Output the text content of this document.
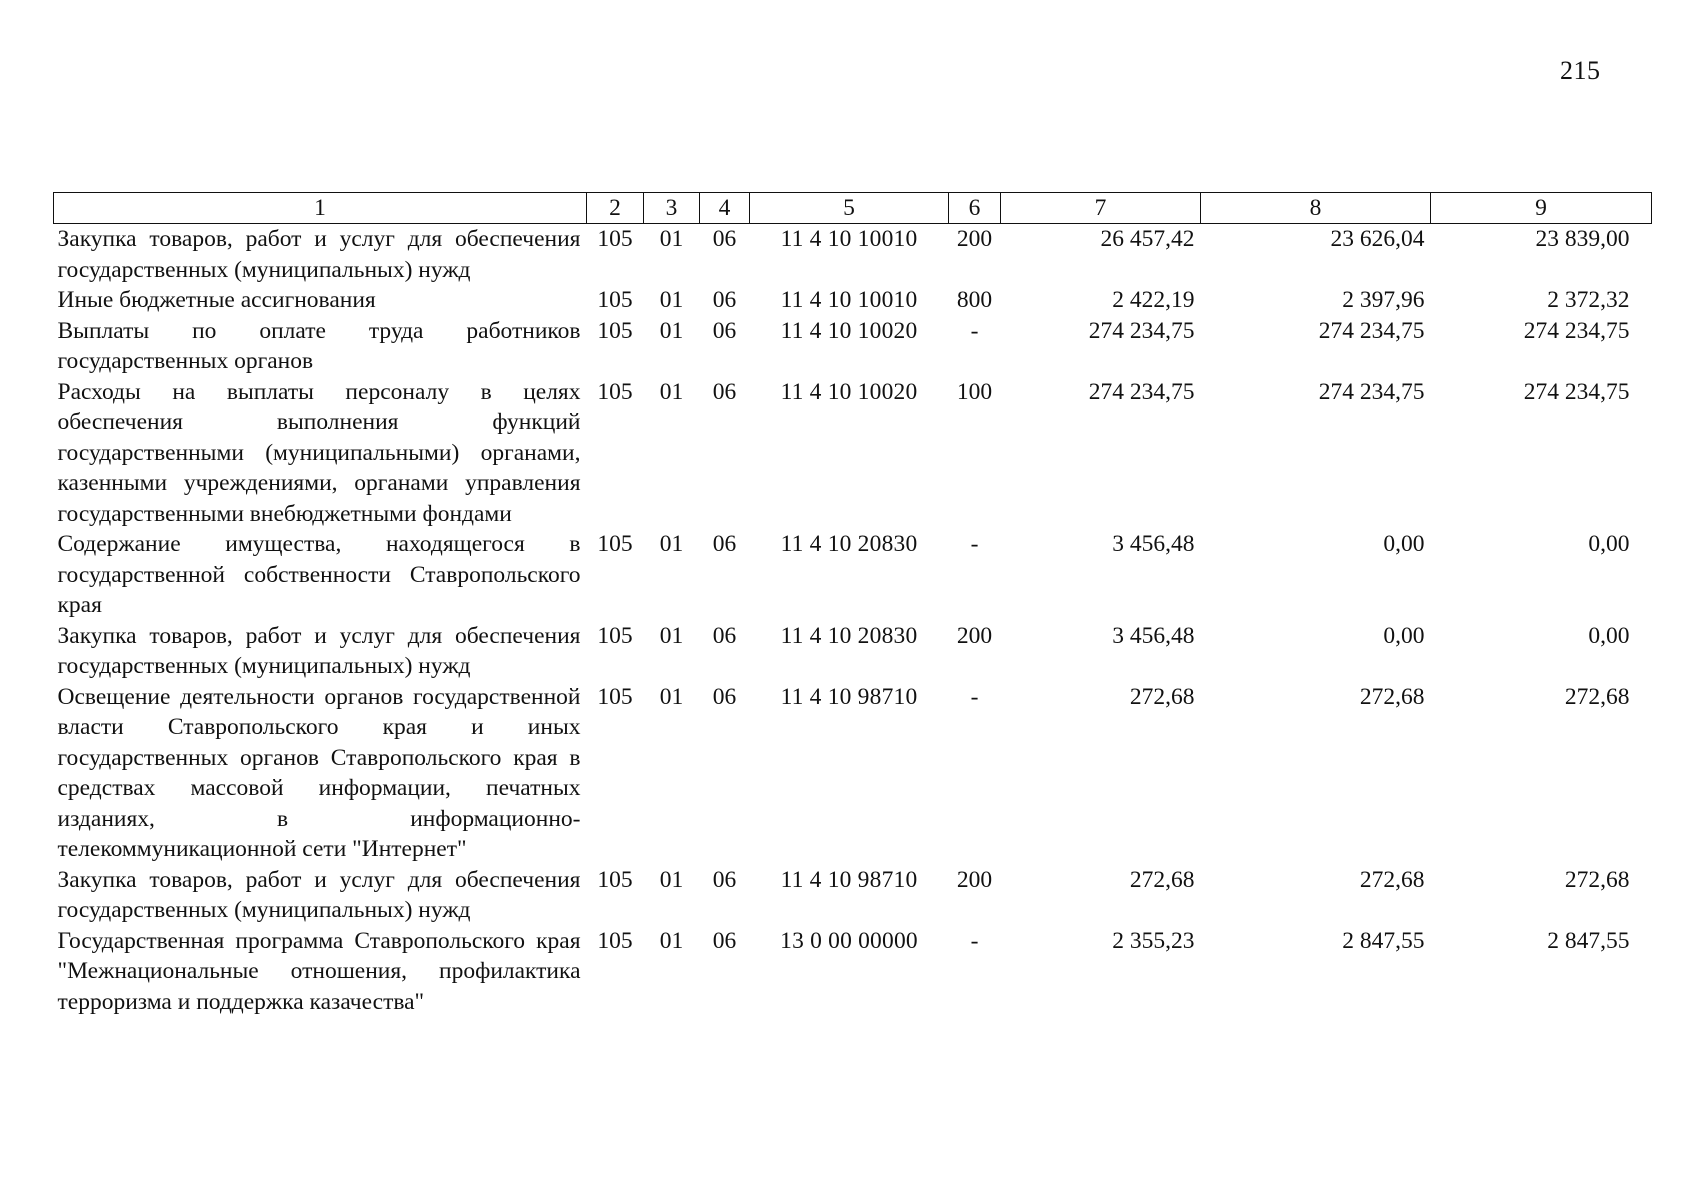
215
1	2	3	4	5	6	7	8	9
Закупка товаров, работ и услуг для обеспечения государственных (муниципальных) нужд	105	01	06	11 4 10 10010	200	26 457,42	23 626,04	23 839,00
Иные бюджетные ассигнования	105	01	06	11 4 10 10010	800	2 422,19	2 397,96	2 372,32
Выплаты по оплате труда работников государственных органов	105	01	06	11 4 10 10020	-	274 234,75	274 234,75	274 234,75
Расходы на выплаты персоналу в целях обеспечения выполнения функций государственными (муниципальными) органами, казенными учреждениями, органами управления государственными внебюджетными фондами	105	01	06	11 4 10 10020	100	274 234,75	274 234,75	274 234,75
Содержание имущества, находящегося в государственной собственности Ставропольского края	105	01	06	11 4 10 20830	-	3 456,48	0,00	0,00
Закупка товаров, работ и услуг для обеспечения государственных (муниципальных) нужд	105	01	06	11 4 10 20830	200	3 456,48	0,00	0,00
Освещение деятельности органов государственной власти Ставропольского края и иных государственных органов Ставропольского края в средствах массовой информации, печатных изданиях, в информационно-телекоммуникационной сети "Интернет"	105	01	06	11 4 10 98710	-	272,68	272,68	272,68
Закупка товаров, работ и услуг для обеспечения государственных (муниципальных) нужд	105	01	06	11 4 10 98710	200	272,68	272,68	272,68
Государственная программа Ставропольского края "Межнациональные отношения, профилактика терроризма и поддержка казачества"	105	01	06	13 0 00 00000	-	2 355,23	2 847,55	2 847,55
